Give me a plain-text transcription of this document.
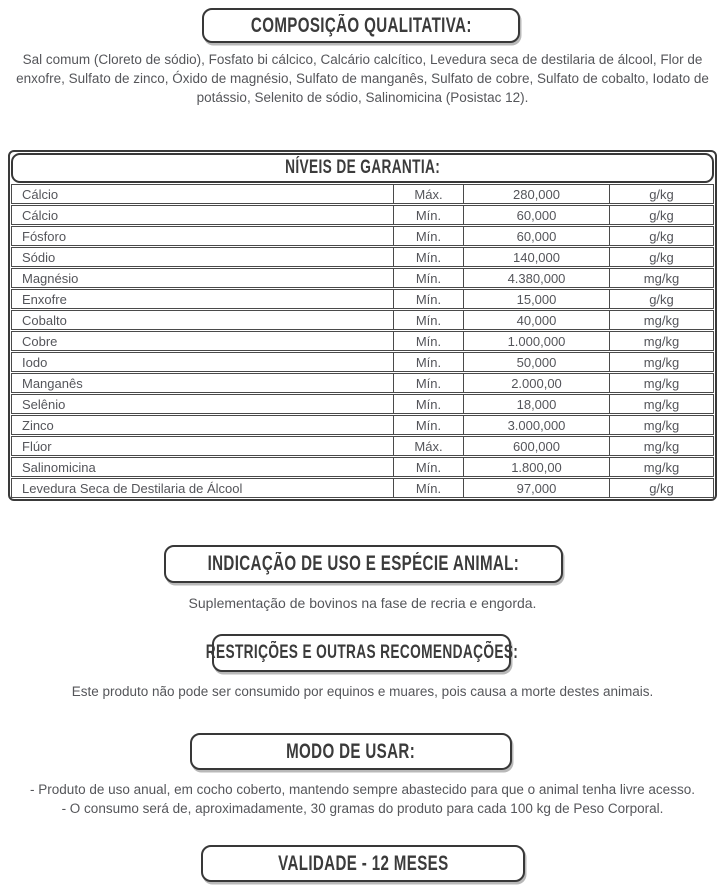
COMPOSIÇÃO QUALITATIVA:

Sal comum (Cloreto de sódio), Fosfato bi cálcico, Calcário calcítico, Levedura seca de destilaria de álcool, Flor de enxofre, Sulfato de zinco, Óxido de magnésio, Sulfato de manganês, Sulfato de cobre, Sulfato de cobalto, Iodato de potássio, Selenito de sódio, Salinomicina (Posistac 12).

NÍVEIS DE GARANTIA:
Cálcio	Máx.	280,000	g/kg
Cálcio	Mín.	60,000	g/kg
Fósforo	Mín.	60,000	g/kg
Sódio	Mín.	140,000	g/kg
Magnésio	Mín.	4.380,000	mg/kg
Enxofre	Mín.	15,000	g/kg
Cobalto	Mín.	40,000	mg/kg
Cobre	Mín.	1.000,000	mg/kg
Iodo	Mín.	50,000	mg/kg
Manganês	Mín.	2.000,00	mg/kg
Selênio	Mín.	18,000	mg/kg
Zinco	Mín.	3.000,000	mg/kg
Flúor	Máx.	600,000	mg/kg
Salinomicina	Mín.	1.800,00	mg/kg
Levedura Seca de Destilaria de Álcool	Mín.	97,000	g/kg
INDICAÇÃO DE USO E ESPÉCIE ANIMAL:

Suplementação de bovinos na fase de recria e engorda.

RESTRIÇÕES E OUTRAS RECOMENDAÇÕES:

Este produto não pode ser consumido por equinos e muares, pois causa a morte destes animais.

MODO DE USAR:

- Produto de uso anual, em cocho coberto, mantendo sempre abastecido para que o animal tenha livre acesso.

- O consumo será de, aproximadamente, 30 gramas do produto para cada 100 kg de Peso Corporal.

VALIDADE - 12 MESES
